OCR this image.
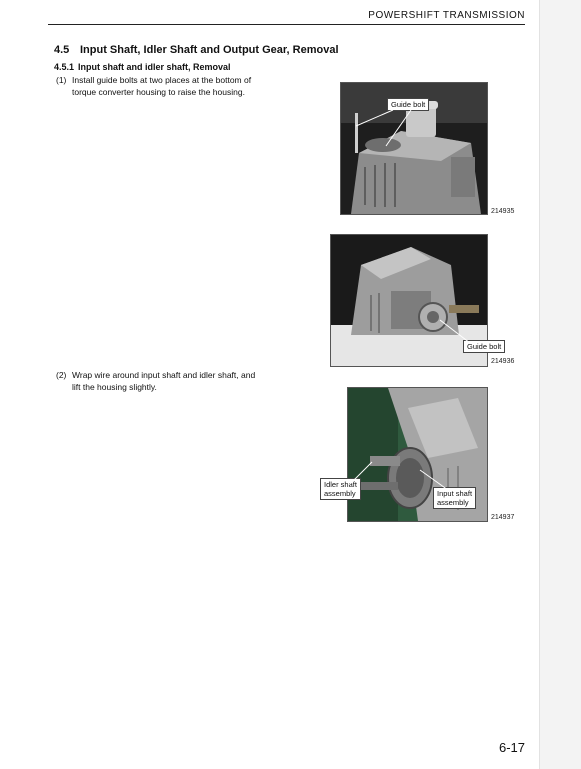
POWERSHIFT TRANSMISSION
4.5 Input Shaft, Idler Shaft and Output Gear, Removal
4.5.1 Input shaft and idler shaft, Removal
(1) Install guide bolts at two places at the bottom of
torque converter housing to raise the housing.
(2) Wrap wire around input shaft and idler shaft, and
lift the housing slightly.
Guide bolt
214935
Guide bolt
214936
Idler shaft
assembly	Input shaft
assembly
214937
6-17
